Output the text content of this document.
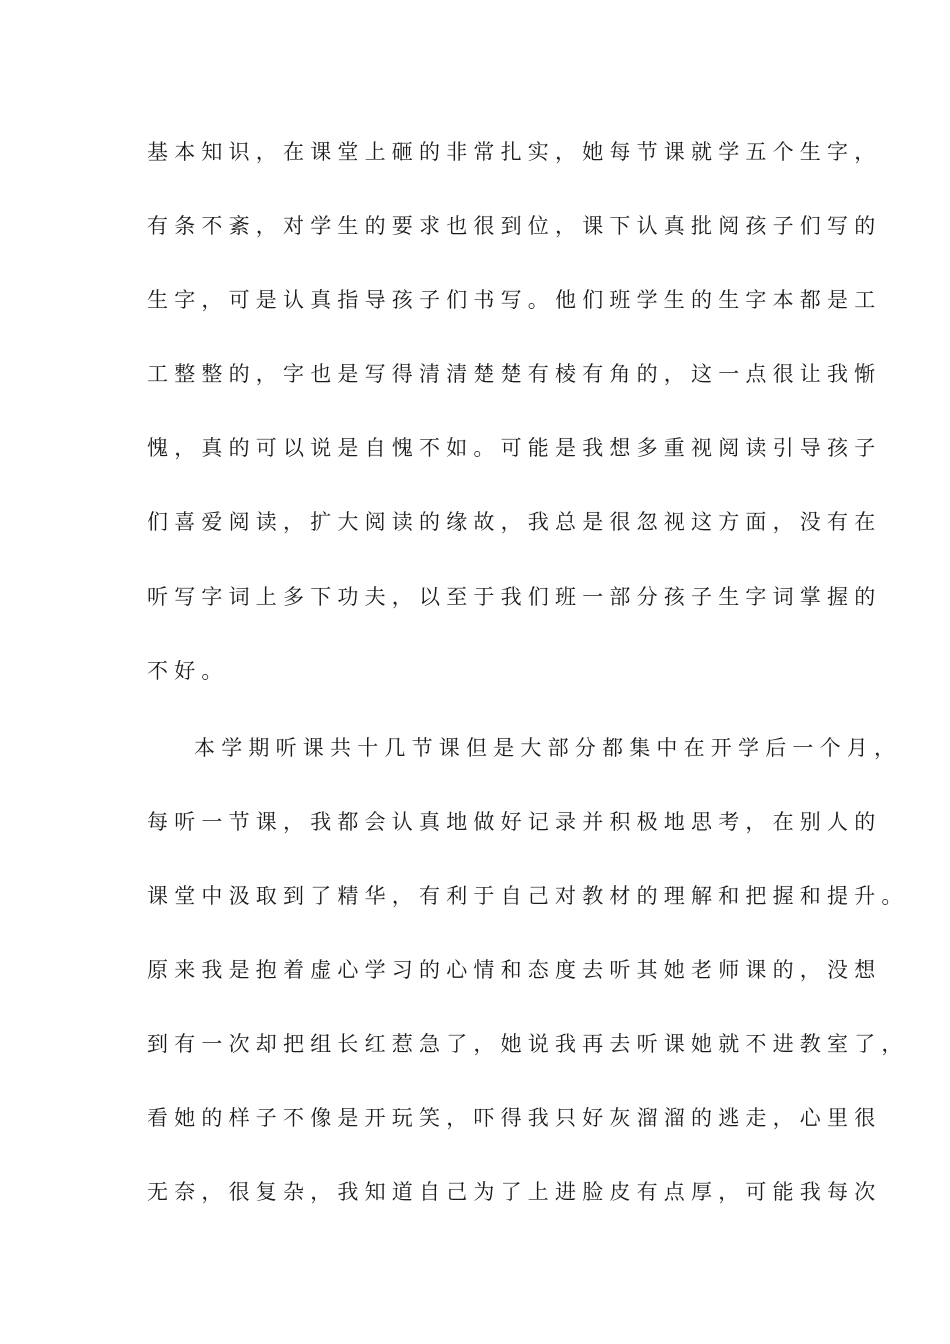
基本知识，在课堂上砸的非常扎实，她每节课就学五个生字，
有条不紊，对学生的要求也很到位，课下认真批阅孩子们写的
生字，可是认真指导孩子们书写。他们班学生的生字本都是工
工整整的，字也是写得清清楚楚有棱有角的，这一点很让我惭
愧，真的可以说是自愧不如。可能是我想多重视阅读引导孩子
们喜爱阅读，扩大阅读的缘故，我总是很忽视这方面，没有在
听写字词上多下功夫，以至于我们班一部分孩子生字词掌握的
不好。
本学期听课共十几节课但是大部分都集中在开学后一个月，
每听一节课，我都会认真地做好记录并积极地思考，在别人的
课堂中汲取到了精华，有利于自己对教材的理解和把握和提升。
原来我是抱着虚心学习的心情和态度去听其她老师课的，没想
到有一次却把组长红惹急了，她说我再去听课她就不进教室了，
看她的样子不像是开玩笑，吓得我只好灰溜溜的逃走，心里很
无奈，很复杂，我知道自己为了上进脸皮有点厚，可能我每次
